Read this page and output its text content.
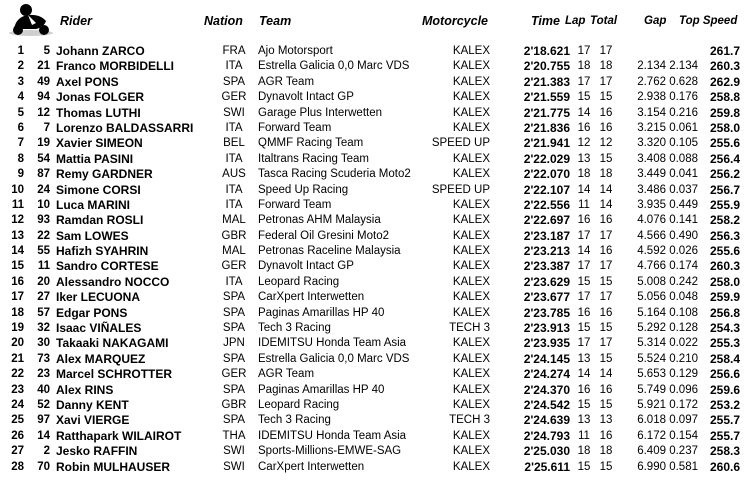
Rider	Nation Team	Motorcycle	Time Lap Total Gap Top Speed
1	5 Johann ZARCO	FRA	Ajo Motorsport	KALEX	2'18.621 17 17	261.7
2	21 Franco MORBIDELLI	ITA	Estrella Galicia 0,0 Marc VDS	KALEX	2'20.755 18 18	2.134 2.134 260.3
3	49 Axel PONS	SPA	AGR Team	KALEX	2'21.383 17 17	2.762 0.628 262.9
4	94 Jonas FOLGER	GER	Dynavolt Intact GP	KALEX	2'21.559 15 15	2.938 0.176 258.8
5	12 Thomas LUTHI	SWI	Garage Plus Interwetten	KALEX	2'21.775 14 16	3.154 0.216 259.8
6	7 Lorenzo BALDASSARRI	ITA	Forward Team	KALEX	2'21.836 16 16	3.215 0.061 258.0
7	19 Xavier SIMEON	BEL	QMMF Racing Team	SPEED UP	2'21.941 12 12	3.320 0.105 255.6
8	54 Mattia PASINI	ITA	Italtrans Racing Team	KALEX	2'22.029 13 15	3.408 0.088 256.4
9	87 Remy GARDNER	AUS	Tasca Racing Scuderia Moto2	KALEX	2'22.070 18 18	3.449 0.041 256.2
10	24 Simone CORSI	ITA	Speed Up Racing	SPEED UP	2'22.107 14 14	3.486 0.037 256.7
11	10 Luca MARINI	ITA	Forward Team	KALEX	2'22.556 11 14	3.935 0.449 255.9
12	93 Ramdan ROSLI	MAL	Petronas AHM Malaysia	KALEX	2'22.697 16 16	4.076 0.141 258.2
13	22 Sam LOWES	GBR	Federal Oil Gresini Moto2	KALEX	2'23.187 17 17	4.566 0.490 256.3
14	55 Hafizh SYAHRIN	MAL	Petronas Raceline Malaysia	KALEX	2'23.213 14 16	4.592 0.026 255.6
15	11 Sandro CORTESE	GER	Dynavolt Intact GP	KALEX	2'23.387 17 17	4.766 0.174 260.3
16	20 Alessandro NOCCO	ITA	Leopard Racing	KALEX	2'23.629 15 15	5.008 0.242 258.0
17	27 Iker LECUONA	SPA	CarXpert Interwetten	KALEX	2'23.677 17 17	5.056 0.048 259.9
18	57 Edgar PONS	SPA	Paginas Amarillas HP 40	KALEX	2'23.785 16 16	5.164 0.108 256.8
19	32 Isaac VIÑALES	SPA	Tech 3 Racing	TECH 3	2'23.913 15 15	5.292 0.128 254.3
20	30 Takaaki NAKAGAMI	JPN	IDEMITSU Honda Team Asia	KALEX	2'23.935 17 17	5.314 0.022 255.3
21	73 Alex MARQUEZ	SPA	Estrella Galicia 0,0 Marc VDS	KALEX	2'24.145 13 15	5.524 0.210 258.4
22	23 Marcel SCHROTTER	GER	AGR Team	KALEX	2'24.274 14 14	5.653 0.129 256.6
23	40 Alex RINS	SPA	Paginas Amarillas HP 40	KALEX	2'24.370 16 16	5.749 0.096 259.6
24	52 Danny KENT	GBR	Leopard Racing	KALEX	2'24.542 15 15	5.921 0.172 253.2
25	97 Xavi VIERGE	SPA	Tech 3 Racing	TECH 3	2'24.639 13 13	6.018 0.097 255.7
26	14 Ratthapark WILAIROT	THA	IDEMITSU Honda Team Asia	KALEX	2'24.793 11 16	6.172 0.154 255.7
27	2 Jesko RAFFIN	SWI	Sports-Millions-EMWE-SAG	KALEX	2'25.030 18 18	6.409 0.237 258.3
28	70 Robin MULHAUSER	SWI	CarXpert Interwetten	KALEX	2'25.611 15 15	6.990 0.581 260.6
